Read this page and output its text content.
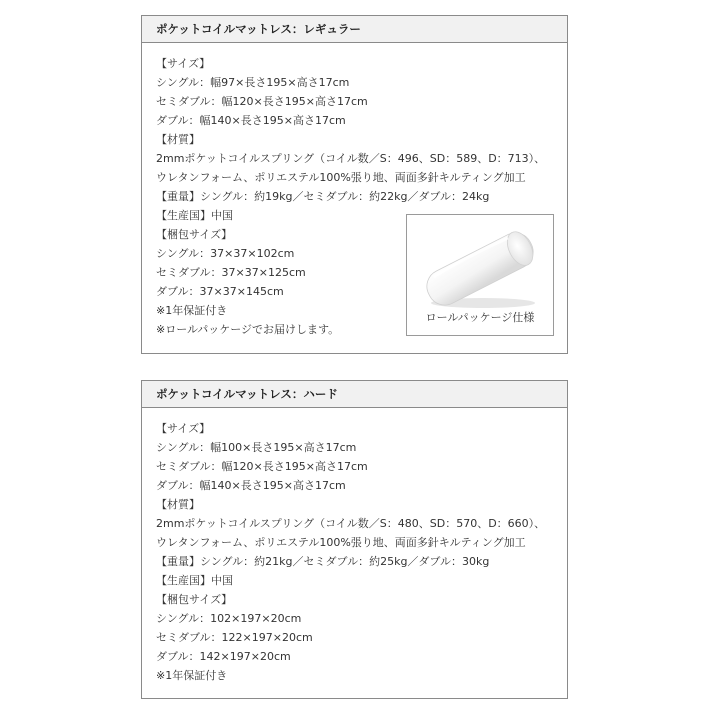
ポケットコイルマットレス：レギュラー
【サイズ】
シングル：幅97×長さ195×高さ17cm
セミダブル：幅120×長さ195×高さ17cm
ダブル：幅140×長さ195×高さ17cm
【材質】
2mmポケットコイルスプリング（コイル数／S：496、SD：589、D：713）、
ウレタンフォーム、ポリエステル100%張り地、両面多針キルティング加工
【重量】シングル：約19kg／セミダブル：約22kg／ダブル：24kg
【生産国】中国
【梱包サイズ】
シングル：37×37×102cm
セミダブル：37×37×125cm
ダブル：37×37×145cm
※1年保証付き
※ロールパッケージでお届けします。
ロールパッケージ仕様
ポケットコイルマットレス：ハード
【サイズ】
シングル：幅100×長さ195×高さ17cm
セミダブル：幅120×長さ195×高さ17cm
ダブル：幅140×長さ195×高さ17cm
【材質】
2mmポケットコイルスプリング（コイル数／S：480、SD：570、D：660）、
ウレタンフォーム、ポリエステル100%張り地、両面多針キルティング加工
【重量】シングル：約21kg／セミダブル：約25kg／ダブル：30kg
【生産国】中国
【梱包サイズ】
シングル：102×197×20cm
セミダブル：122×197×20cm
ダブル：142×197×20cm
※1年保証付き
